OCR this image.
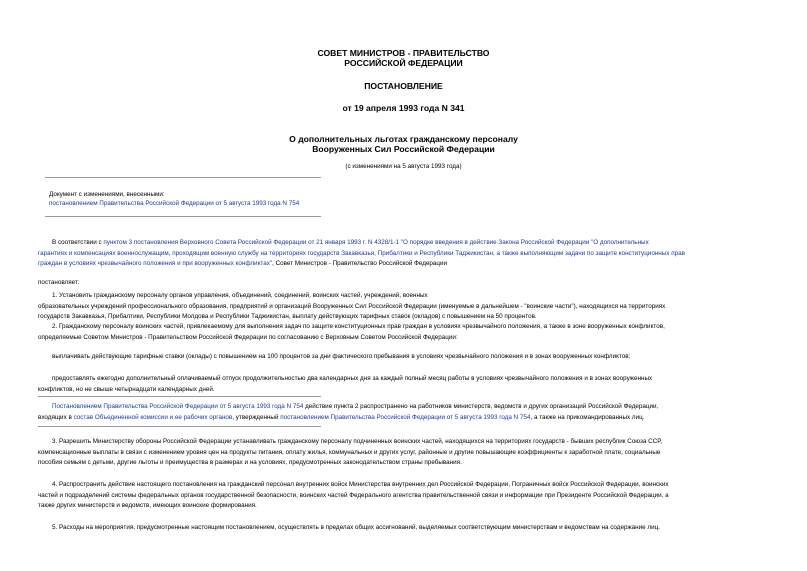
СОВЕТ МИНИСТРОВ - ПРАВИТЕЛЬСТВО
РОССИЙСКОЙ ФЕДЕРАЦИИ
ПОСТАНОВЛЕНИЕ
от 19 апреля 1993 года N 341
О дополнительных льготах гражданскому персоналу
Вооруженных Сил Российской Федерации
(с изменениями на 5 августа 1993 года)
Документ с изменениями, внесенными:
постановлением Правительства Российской Федерации от 5 августа 1993 года N 754
В соответствии с пунктом 3 постановления Верховного Совета Российской Федерации от 21 января 1993 г. N 4328/1-1 "О порядке введения в действие Закона Российской Федерации "О дополнительных
гарантиях и компенсациях военнослужащим, проходящим военную службу на территориях государств Закавказья, Прибалтики и Республики Таджикистан, а также выполняющим задачи по защите конституционных прав
граждан в условиях чрезвычайного положения и при вооруженных конфликтах", Совет Министров - Правительство Российской Федерации
постановляет:
1. Установить гражданскому персоналу органов управления, объединений, соединений, воинских частей, учреждений, военных
образовательных учреждений профессионального образования, предприятий и организаций Вооруженных Сил Российской Федерации (именуемые в дальнейшем - "воинские части"), находящихся на территориях
государств Закавказья, Прибалтики, Республики Молдова и Республики Таджикистан, выплату действующих тарифных ставок (окладов) с повышением на 50 процентов.
2. Гражданскому персоналу воинских частей, привлекаемому для выполнения задач по защите конституционных прав граждан в условиях чрезвычайного положения, а также в зоне вооруженных конфликтов,
определяемые Советом Министров - Правительством Российской Федерации по согласованию с Верховным Советом Российской Федерации:
выплачивать действующие тарифные ставки (оклады) с повышением на 100 процентов за дни фактического пребывания в условиях чрезвычайного положения и в зонах вооруженных конфликтов;
предоставлять ежегодно дополнительный оплачиваемый отпуск продолжительностью два календарных дня за каждый полный месяц работы в условиях чрезвычайного положения и в зонах вооруженных
конфликтов, но не свыше четырнадцати календарных дней.
Постановлением Правительства Российской Федерации от 5 августа 1993 года N 754 действие пункта 2 распространено на работников министерств, ведомств и других организаций Российской Федерации,
входящих в состав Объединенной комиссии и ее рабочих органов, утвержденный постановлением Правительства Российской Федерации от 5 августа 1993 года N 754, а также на прикомандированных лиц.
3. Разрешить Министерству обороны Российской Федерации устанавливать гражданскому персоналу подчиненных воинских частей, находящихся на территориях государств - бывших республик Союза ССР,
компенсационные выплаты в связи с изменением уровня цен на продукты питания, оплату жилья, коммунальных и других услуг, районные и другие повышающие коэффициенты к заработной плате, социальные
пособия семьям с детьми, другие льготы и преимущества в размерах и на условиях, предусмотренных законодательством страны пребывания.
4. Распространить действие настоящего постановления на гражданский персонал внутренних войск Министерства внутренних дел Российской Федерации, Пограничных войск Российской Федерации, воинских
частей и подразделений системы федеральных органов государственной безопасности, воинских частей Федерального агентства правительственной связи и информации при Президенте Российской Федерации, а
также других министерств и ведомств, имеющих воинские формирования.
5. Расходы на мероприятия, предусмотренные настоящим постановлением, осуществлять в пределах общих ассигнований, выделяемых соответствующим министерствам и ведомствам на содержание лиц.
